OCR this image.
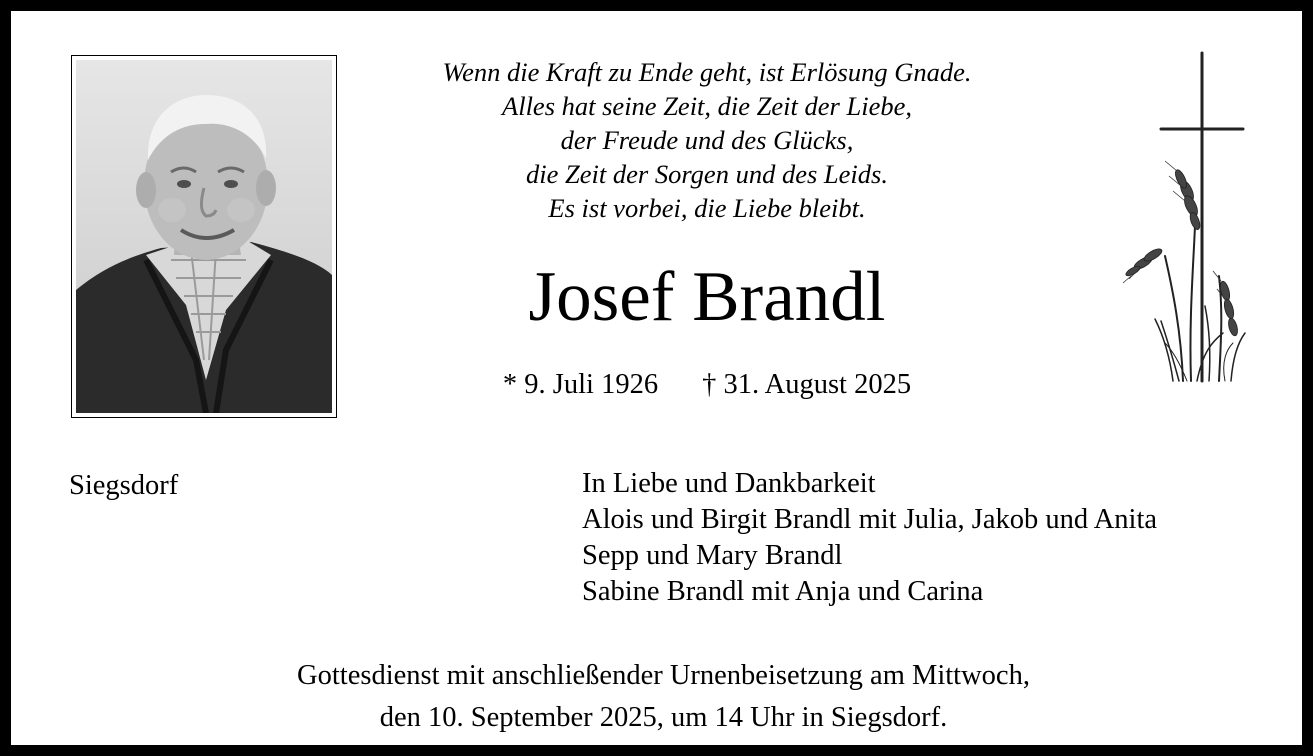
Wenn die Kraft zu Ende geht, ist Erlösung Gnade.
Alles hat seine Zeit, die Zeit der Liebe,
der Freude und des Glücks,
die Zeit der Sorgen und des Leids.
Es ist vorbei, die Liebe bleibt.
Josef Brandl
* 9. Juli 1926 † 31. August 2025
Siegsdorf	In Liebe und Dankbarkeit
Alois und Birgit Brandl mit Julia, Jakob und Anita
Sepp und Mary Brandl
Sabine Brandl mit Anja und Carina
Gottesdienst mit anschließender Urnenbeisetzung am Mittwoch,
den 10. September 2025, um 14 Uhr in Siegsdorf.
